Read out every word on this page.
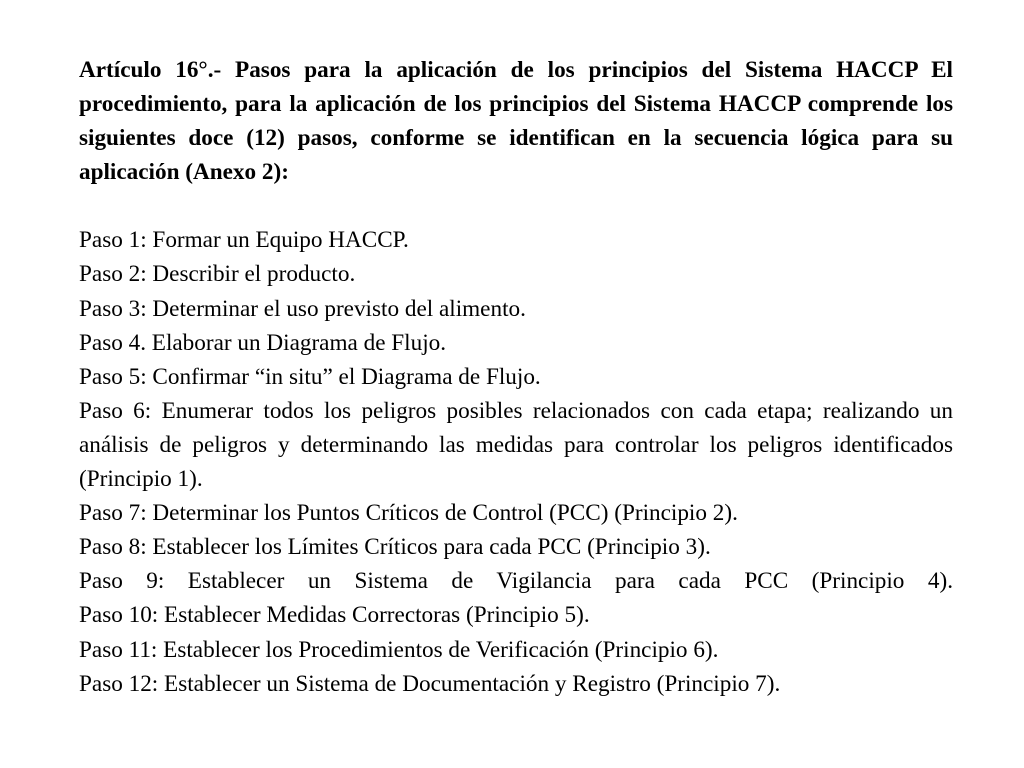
Artículo 16°.- Pasos para la aplicación de los principios del Sistema HACCP El procedimiento, para la aplicación de los principios del Sistema HACCP comprende los siguientes doce (12) pasos, conforme se identifican en la secuencia lógica para su aplicación (Anexo 2):

Paso 1: Formar un Equipo HACCP.

Paso 2: Describir el producto.

Paso 3: Determinar el uso previsto del alimento.

Paso 4. Elaborar un Diagrama de Flujo.

Paso 5: Confirmar “in situ” el Diagrama de Flujo.

Paso 6: Enumerar todos los peligros posibles relacionados con cada etapa; realizando un análisis de peligros y determinando las medidas para controlar los peligros identificados (Principio 1).

Paso 7: Determinar los Puntos Críticos de Control (PCC) (Principio 2).

Paso 8: Establecer los Límites Críticos para cada PCC (Principio 3).

Paso 9: Establecer un Sistema de Vigilancia para cada PCC (Principio 4).

Paso 10: Establecer Medidas Correctoras (Principio 5).

Paso 11: Establecer los Procedimientos de Verificación (Principio 6).

Paso 12: Establecer un Sistema de Documentación y Registro (Principio 7).
